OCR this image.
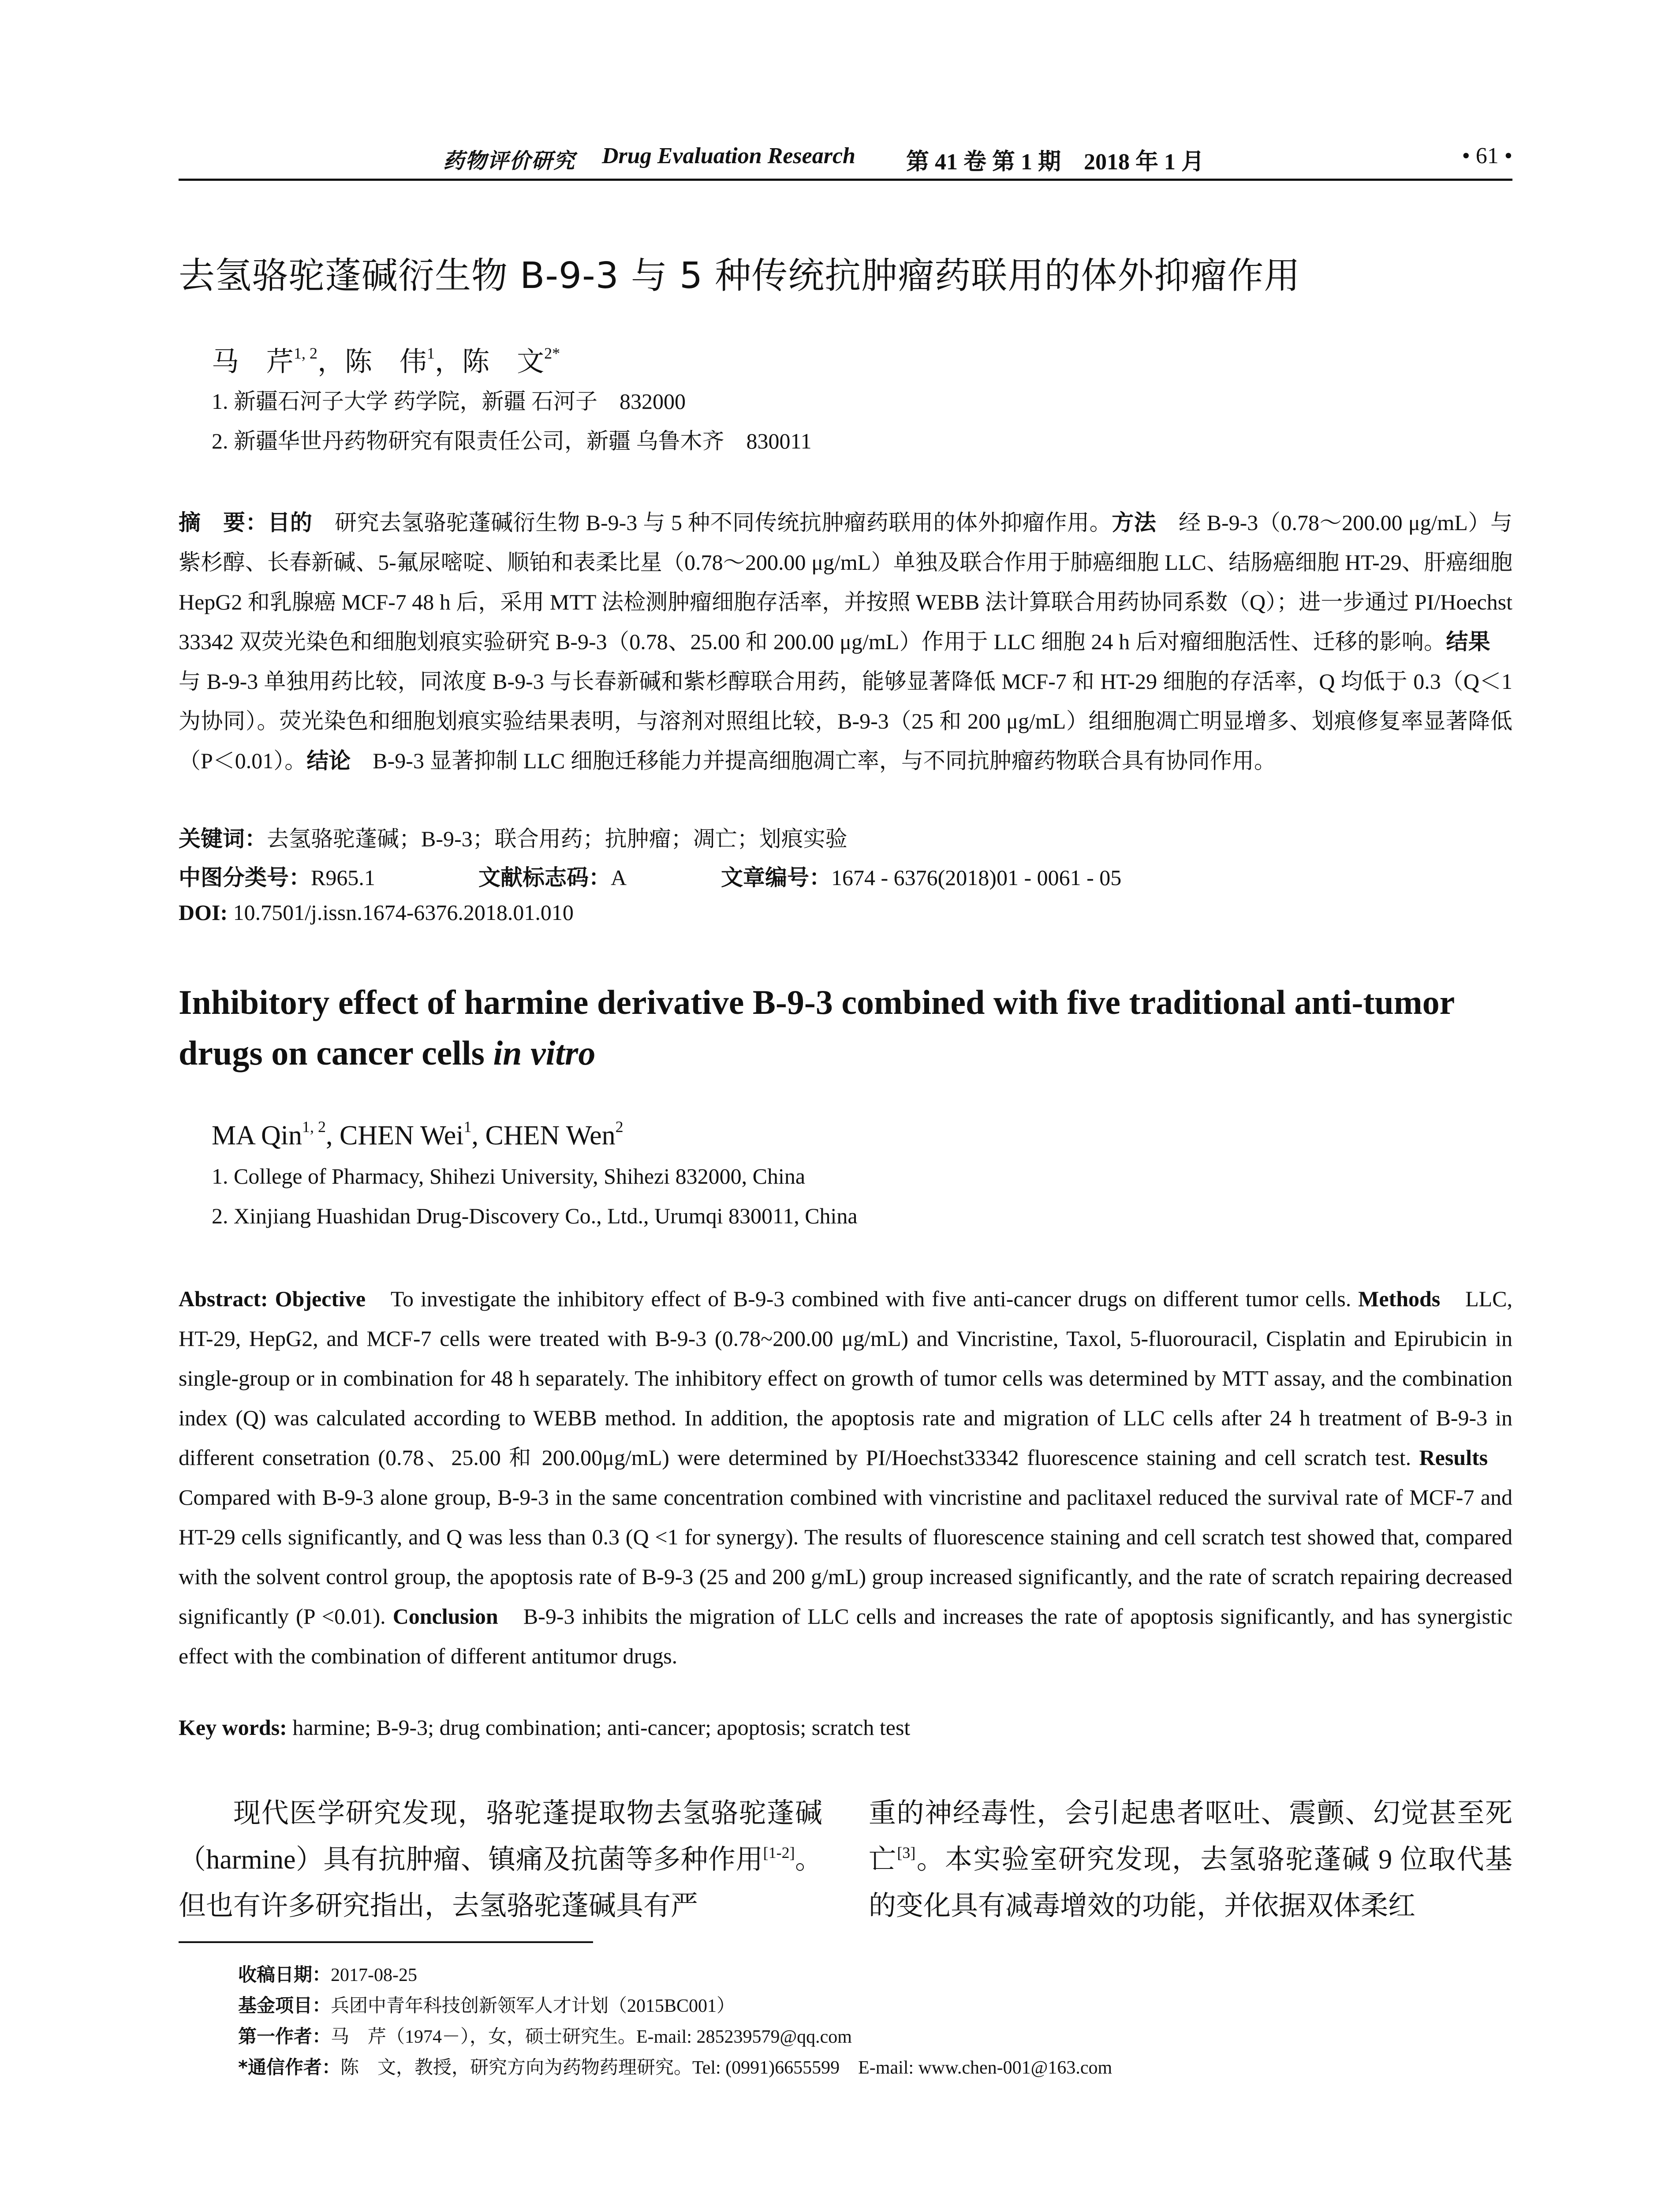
药物评价研究 Drug Evaluation Research 第 41 卷 第 1 期　2018 年 1 月	• 61 •
去氢骆驼蓬碱衍生物 B-9-3 与 5 种传统抗肿瘤药联用的体外抑瘤作用
马　芹$^{1, 2}$，陈　伟$^1$，陈　文$^{2*}$
1. 新疆石河子大学 药学院，新疆 石河子　832000
2. 新疆华世丹药物研究有限责任公司，新疆 乌鲁木齐　830011
摘　要：目的　研究去氢骆驼蓬碱衍生物 B-9-3 与 5 种不同传统抗肿瘤药联用的体外抑瘤作用。方法　经 B-9-3（0.78～200.00 μg/mL）与紫杉醇、长春新碱、5-氟尿嘧啶、顺铂和表柔比星（0.78～200.00 μg/mL）单独及联合作用于肺癌细胞 LLC、结肠癌细胞 HT-29、肝癌细胞 HepG2 和乳腺癌 MCF-7 48 h 后，采用 MTT 法检测肿瘤细胞存活率，并按照 WEBB 法计算联合用药协同系数（Q）；进一步通过 PI/Hoechst 33342 双荧光染色和细胞划痕实验研究 B-9-3（0.78、25.00 和 200.00 μg/mL）作用于 LLC 细胞 24 h 后对瘤细胞活性、迁移的影响。结果　与 B-9-3 单独用药比较，同浓度 B-9-3 与长春新碱和紫杉醇联合用药，能够显著降低 MCF-7 和 HT-29 细胞的存活率，Q 均低于 0.3（Q＜1 为协同）。荧光染色和细胞划痕实验结果表明，与溶剂对照组比较，B-9-3（25 和 200 μg/mL）组细胞凋亡明显增多、划痕修复率显著降低（P＜0.01）。结论　B-9-3 显著抑制 LLC 细胞迁移能力并提高细胞凋亡率，与不同抗肿瘤药物联合具有协同作用。
关键词：去氢骆驼蓬碱；B-9-3；联合用药；抗肿瘤；凋亡；划痕实验
中图分类号：R965.1	文献标志码：A	文章编号：1674 - 6376(2018)01 - 0061 - 05
DOI: 10.7501/j.issn.1674-6376.2018.01.010
Inhibitory effect of harmine derivative B-9-3 combined with five traditional anti-tumor drugs on cancer cells in vitro
MA Qin$^{1, 2}$, CHEN Wei$^1$, CHEN Wen$^2$
1. College of Pharmacy, Shihezi University, Shihezi 832000, China
2. Xinjiang Huashidan Drug-Discovery Co., Ltd., Urumqi 830011, China
Abstract: Objective　To investigate the inhibitory effect of B-9-3 combined with five anti-cancer drugs on different tumor cells. Methods　LLC, HT-29, HepG2, and MCF-7 cells were treated with B-9-3 (0.78~200.00 μg/mL) and Vincristine, Taxol, 5-fluorouracil, Cisplatin and Epirubicin in single-group or in combination for 48 h separately. The inhibitory effect on growth of tumor cells was determined by MTT assay, and the combination index (Q) was calculated according to WEBB method. In addition, the apoptosis rate and migration of LLC cells after 24 h treatment of B-9-3 in different consetration (0.78、25.00 和 200.00μg/mL) were determined by PI/Hoechst33342 fluorescence staining and cell scratch test. Results　Compared with B-9-3 alone group, B-9-3 in the same concentration combined with vincristine and paclitaxel reduced the survival rate of MCF-7 and HT-29 cells significantly, and Q was less than 0.3 (Q <1 for synergy). The results of fluorescence staining and cell scratch test showed that, compared with the solvent control group, the apoptosis rate of B-9-3 (25 and 200 g/mL) group increased significantly, and the rate of scratch repairing decreased significantly (P <0.01). Conclusion　B-9-3 inhibits the migration of LLC cells and increases the rate of apoptosis significantly, and has synergistic effect with the combination of different antitumor drugs.
Key words: harmine; B-9-3; drug combination; anti-cancer; apoptosis; scratch test
现代医学研究发现，骆驼蓬提取物去氢骆驼蓬碱（harmine）具有抗肿瘤、镇痛及抗菌等多种作用[1-2]。但也有许多研究指出，去氢骆驼蓬碱具有严
重的神经毒性，会引起患者呕吐、震颤、幻觉甚至死亡[3]。本实验室研究发现，去氢骆驼蓬碱 9 位取代基的变化具有减毒增效的功能，并依据双体柔红
收稿日期：2017-08-25
基金项目：兵团中青年科技创新领军人才计划（2015BC001）
第一作者：马　芹（1974－），女，硕士研究生。E-mail: 285239579@qq.com
*通信作者：陈　文，教授，研究方向为药物药理研究。Tel: (0991)6655599　E-mail: www.chen-001@163.com
